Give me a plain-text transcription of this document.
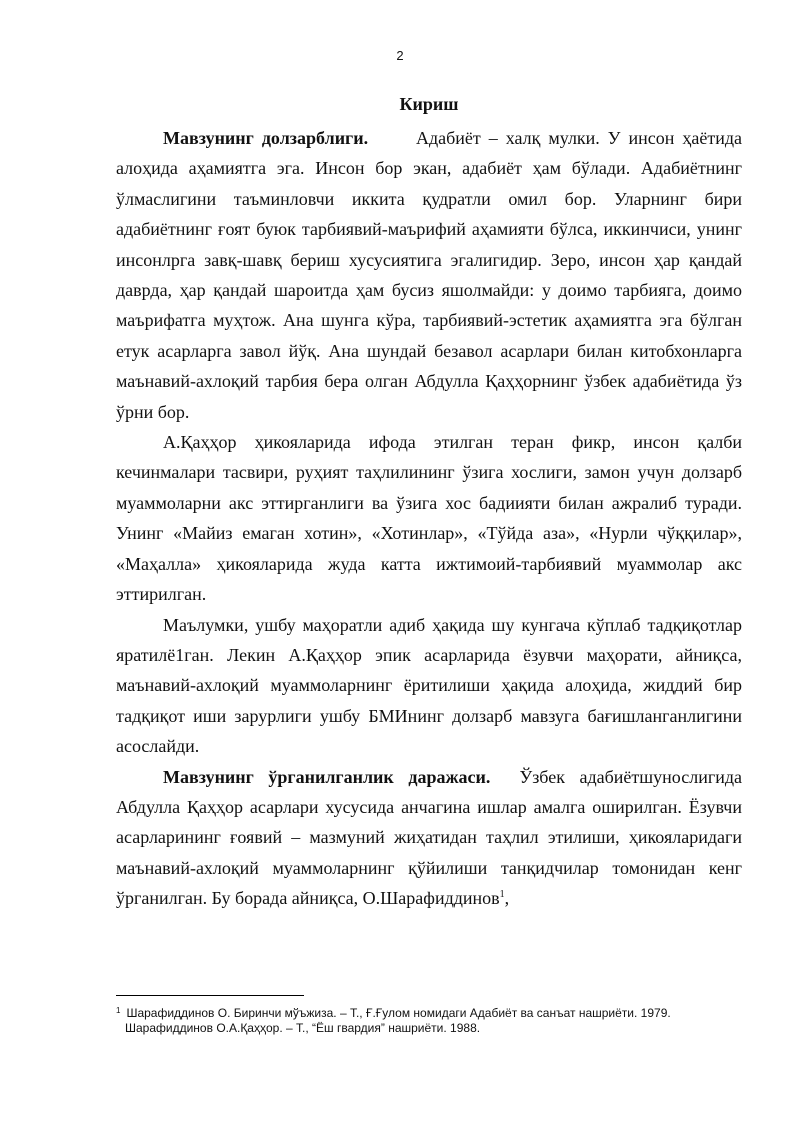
2
Кириш

Мавзунинг долзарблиги.	Адабиёт – халқ мулки. У инсон ҳаётида алоҳида аҳамиятга эга. Инсон бор экан, адабиёт ҳам бўлади. Адабиётнинг ўлмаслигини таъминловчи иккита қудратли омил бор. Уларнинг бири адабиётнинг ғоят буюк тарбиявий-маърифий аҳамияти бўлса, иккинчиси, унинг инсонлрга завқ-шавқ бериш хусусиятига эгалигидир. Зеро, инсон ҳар қандай даврда, ҳар қандай шароитда ҳам бусиз яшолмайди: у доимо тарбияга, доимо маърифатга муҳтож. Ана шунга кўра, тарбиявий-эстетик аҳамиятга эга бўлган етук асарларга завол йўқ. Ана шундай безавол асарлари билан китобхонларга маънавий-ахлоқий тарбия бера олган Абдулла Қаҳҳорнинг ўзбек адабиётида ўз ўрни бор.

А.Қаҳҳор ҳикояларида ифода этилган теран фикр, инсон қалби кечинмалари тасвири, руҳият таҳлилининг ўзига хослиги, замон учун долзарб муаммоларни акс эттирганлиги ва ўзига хос бадиияти билан ажралиб туради. Унинг «Майиз емаган хотин», «Хотинлар», «Тўйда аза», «Нурли чўққилар», «Маҳалла» ҳикояларида жуда катта ижтимоий-тарбиявий муаммолар акс эттирилган.

Маълумки, ушбу маҳоратли адиб ҳақида шу кунгача кўплаб тадқиқотлар яратилё1ган. Лекин А.Қаҳҳор эпик асарларида ёзувчи маҳорати, айниқса, маънавий-ахлоқий муаммоларнинг ёритилиши ҳақида алоҳида, жиддий бир тадқиқот иши зарурлиги ушбу БМИнинг долзарб мавзуга бағишланганлигини асослайди.

Мавзунинг ўрганилганлик даражаси. Ўзбек адабиётшунослигида Абдулла Қаҳҳор асарлари хусусида анчагина ишлар амалга оширилган. Ёзувчи асарларининг ғоявий – мазмуний жиҳатидан таҳлил этилиши, ҳикояларидаги маънавий-ахлоқий муаммоларнинг қўйилиши танқидчилар томонидан кенг ўрганилган. Бу борада айниқса, О.Шарафиддинов$^1$,

$^1$ Шарафиддинов О. Биринчи мўъжиза. – Т., Ғ.Ғулом номидаги Адабиёт ва санъат нашриёти. 1979.
Шарафиддинов О.А.Қаҳҳор. – Т., “Ёш гвардия” нашриёти. 1988.
